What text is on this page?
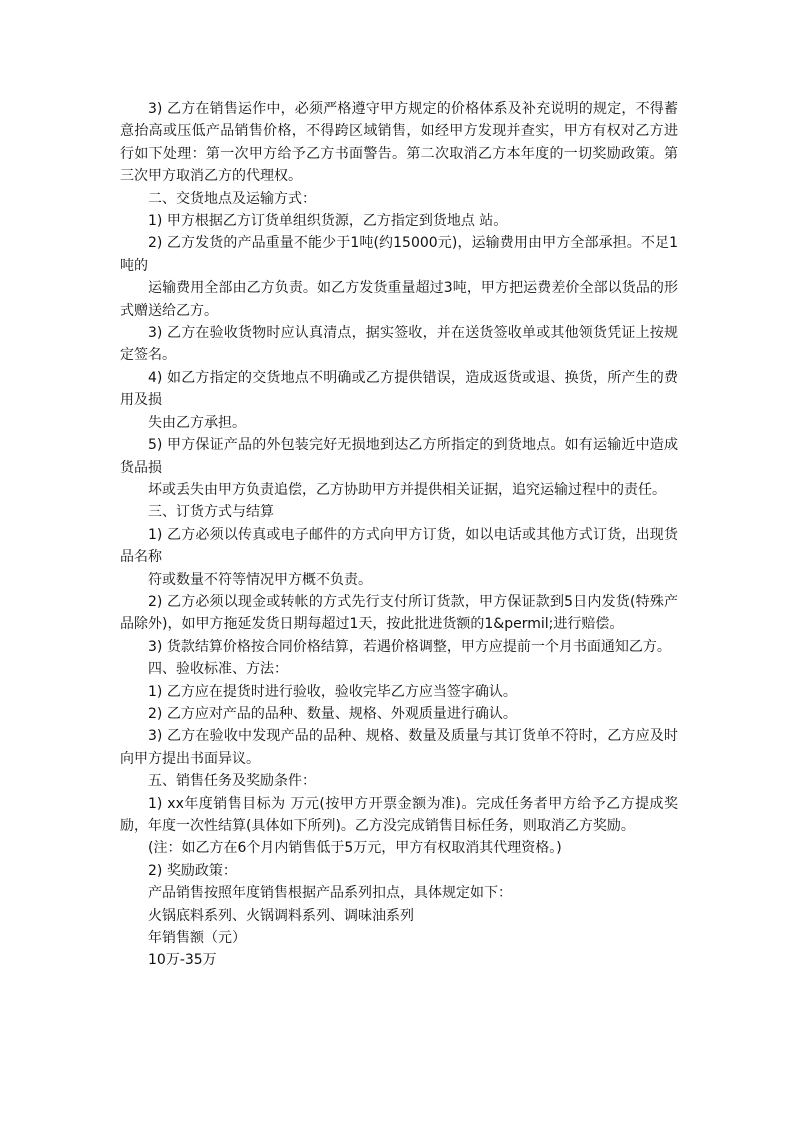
3) 乙方在销售运作中，必须严格遵守甲方规定的价格体系及补充说明的规定，不得蓄意抬高或压低产品销售价格，不得跨区域销售，如经甲方发现并查实，甲方有权对乙方进行如下处理：第一次甲方给予乙方书面警告。第二次取消乙方本年度的一切奖励政策。第三次甲方取消乙方的代理权。

二、交货地点及运输方式：

1) 甲方根据乙方订货单组织货源，乙方指定到货地点 站。

2) 乙方发货的产品重量不能少于1吨(约15000元)，运输费用由甲方全部承担。不足1吨的

运输费用全部由乙方负责。如乙方发货重量超过3吨，甲方把运费差价全部以货品的形式赠送给乙方。

3) 乙方在验收货物时应认真清点，据实签收，并在送货签收单或其他领货凭证上按规定签名。

4) 如乙方指定的交货地点不明确或乙方提供错误，造成返货或退、换货，所产生的费用及损

失由乙方承担。

5) 甲方保证产品的外包装完好无损地到达乙方所指定的到货地点。如有运输近中造成货品损

坏或丢失由甲方负责追偿，乙方协助甲方并提供相关证据，追究运输过程中的责任。

三、订货方式与结算

1) 乙方必须以传真或电子邮件的方式向甲方订货，如以电话或其他方式订货，出现货品名称

符或数量不符等情况甲方概不负责。

2) 乙方必须以现金或转帐的方式先行支付所订货款，甲方保证款到5日内发货(特殊产品除外)，如甲方拖延发货日期每超过1天，按此批进货额的1&permil;进行赔偿。

3) 货款结算价格按合同价格结算，若遇价格调整，甲方应提前一个月书面通知乙方。

四、验收标准、方法：

1) 乙方应在提货时进行验收，验收完毕乙方应当签字确认。

2) 乙方应对产品的品种、数量、规格、外观质量进行确认。

3) 乙方在验收中发现产品的品种、规格、数量及质量与其订货单不符时，乙方应及时向甲方提出书面异议。

五、销售任务及奖励条件：

1) xx年度销售目标为 万元(按甲方开票金额为准)。完成任务者甲方给予乙方提成奖励，年度一次性结算(具体如下所列)。乙方没完成销售目标任务，则取消乙方奖励。

(注：如乙方在6个月内销售低于5万元，甲方有权取消其代理资格。)

2) 奖励政策：

产品销售按照年度销售根据产品系列扣点，具体规定如下：

火锅底料系列、火锅调料系列、调味油系列

年销售额（元）

10万-35万
